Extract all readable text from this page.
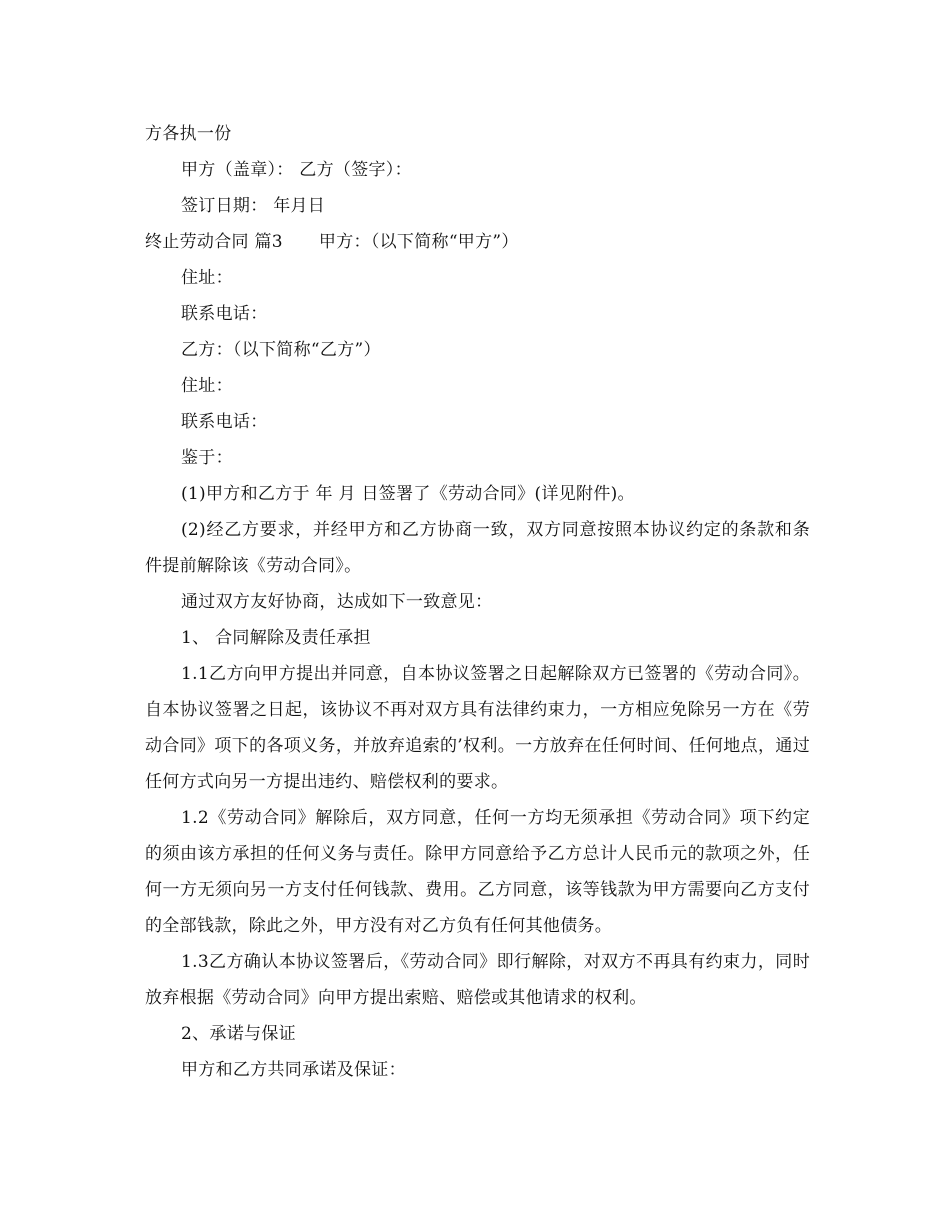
方各执一份
甲方（盖章）： 乙方（签字）：
签订日期： 年月日
终止劳动合同 篇3 甲方：（以下简称“甲方”）
住址：
联系电话：
乙方：（以下简称“乙方”）
住址：
联系电话：
鉴于：
(1)甲方和乙方于 年 月 日签署了《劳动合同》(详见附件)。
(2)经乙方要求，并经甲方和乙方协商一致，双方同意按照本协议约定的条款和条件提前解除该《劳动合同》。
通过双方友好协商，达成如下一致意见：
1、 合同解除及责任承担
1.1乙方向甲方提出并同意，自本协议签署之日起解除双方已签署的《劳动合同》。自本协议签署之日起，该协议不再对双方具有法律约束力，一方相应免除另一方在《劳动合同》项下的各项义务，并放弃追索的’权利。一方放弃在任何时间、任何地点，通过任何方式向另一方提出违约、赔偿权利的要求。
1.2《劳动合同》解除后，双方同意，任何一方均无须承担《劳动合同》项下约定的须由该方承担的任何义务与责任。除甲方同意给予乙方总计人民币元的款项之外，任何一方无须向另一方支付任何钱款、费用。乙方同意，该等钱款为甲方需要向乙方支付的全部钱款，除此之外，甲方没有对乙方负有任何其他债务。
1.3乙方确认本协议签署后，《劳动合同》即行解除，对双方不再具有约束力，同时放弃根据《劳动合同》向甲方提出索赔、赔偿或其他请求的权利。
2、承诺与保证
甲方和乙方共同承诺及保证：
